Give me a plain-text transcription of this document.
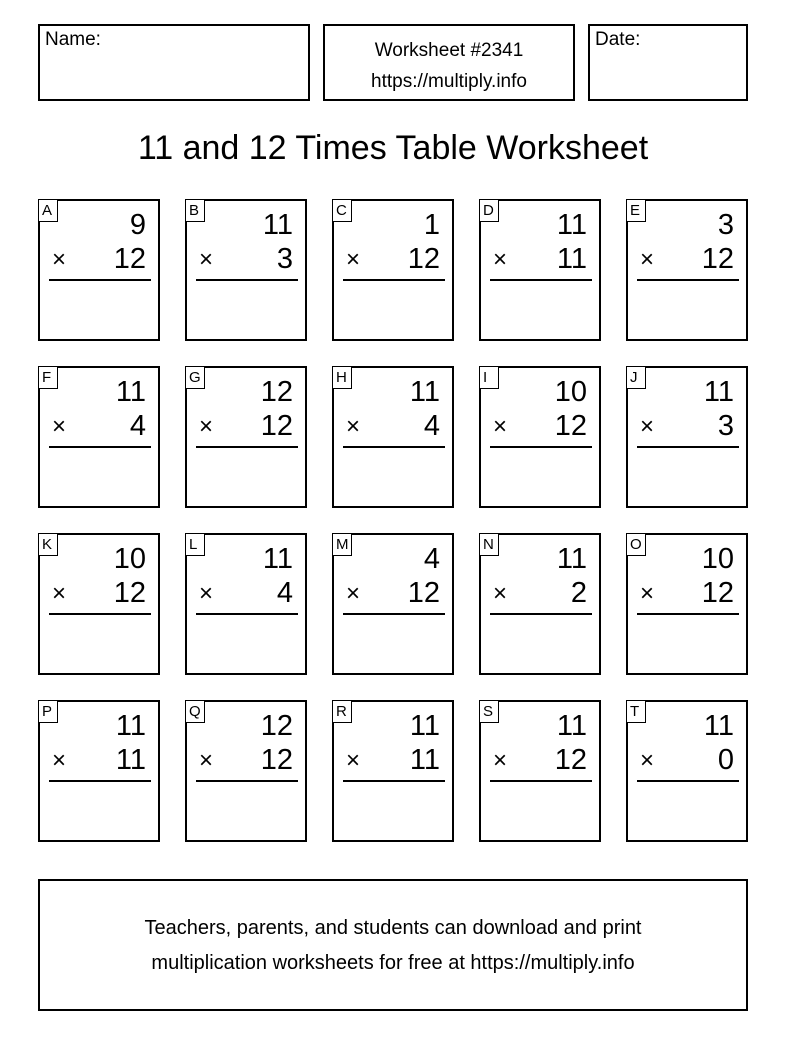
Name:
Worksheet #2341
https://multiply.info
Date:
11 and 12 Times Table Worksheet
A	9
× 12
B 11
× 3
C	1
× 12
D 11
× 11
E	3
× 12
F 11
× 4
G 12
× 12
H 11
× 4
I	10
× 12
J 11
× 3
K 10
× 12
L 11
× 4
M	4
× 12
N 11
× 2
O 10
× 12
P 11
× 11
Q 12
× 12
R 11
× 11
S 11
× 12
T 11
× 0
Teachers, parents, and students can download and print
multiplication worksheets for free at https://multiply.info
